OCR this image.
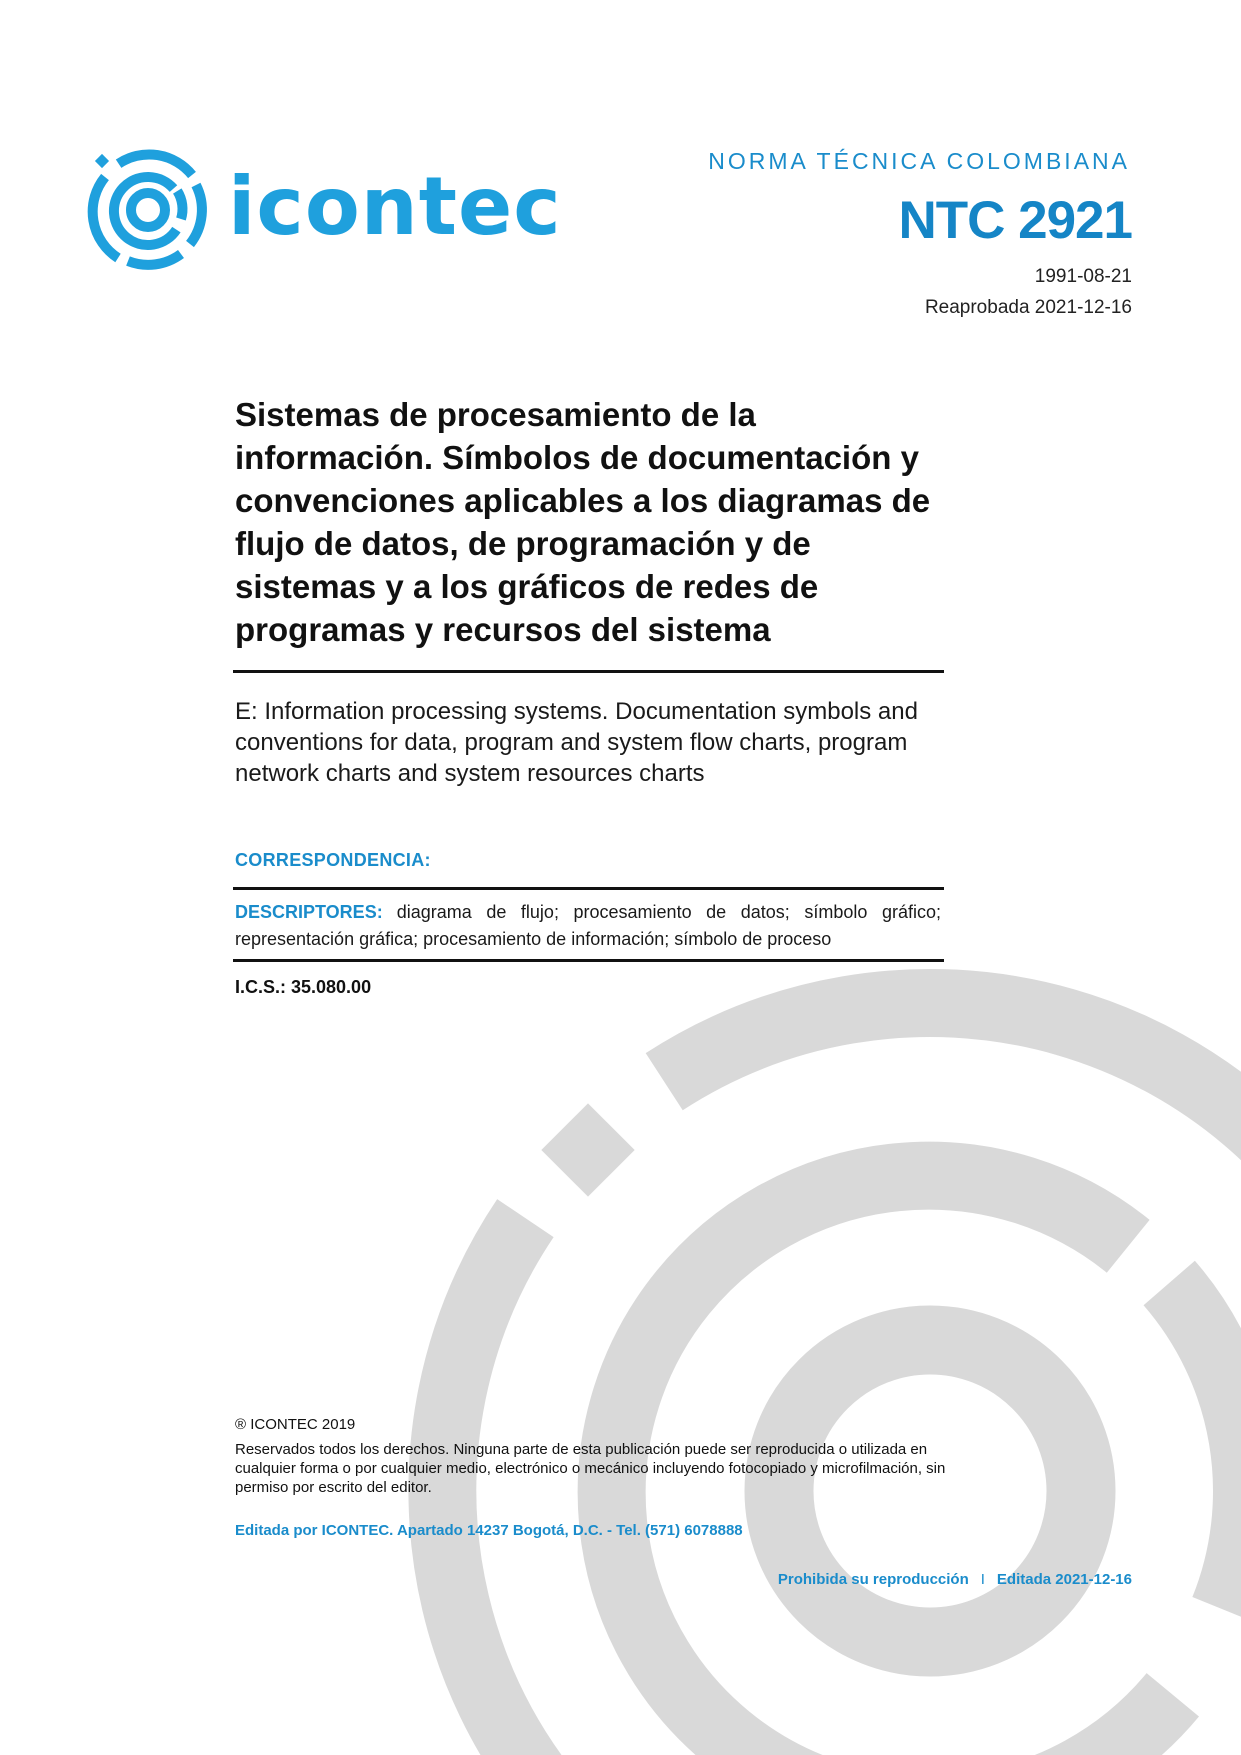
icontec	NORMA TÉCNICA COLOMBIANA
NTC 2921
1991-08-21
Reaprobada 2021-12-16
Sistemas de procesamiento de la información. Símbolos de documentación y convenciones aplicables a los diagramas de flujo de datos, de programación y de sistemas y a los gráficos de redes de programas y recursos del sistema
E: Information processing systems. Documentation symbols and conventions for data, program and system flow charts, program network charts and system resources charts
CORRESPONDENCIA:
DESCRIPTORES: diagrama de flujo; procesamiento de datos; símbolo gráfico; representación gráfica; procesamiento de información; símbolo de proceso
I.C.S.: 35.080.00
® ICONTEC 2019
Reservados todos los derechos. Ninguna parte de esta publicación puede ser reproducida o utilizada en cualquier forma o por cualquier medio, electrónico o mecánico incluyendo fotocopiado y microfilmación, sin permiso por escrito del editor.
Editada por ICONTEC. Apartado 14237 Bogotá, D.C. - Tel. (571) 6078888
Prohibida su reproducción I Editada 2021-12-16
